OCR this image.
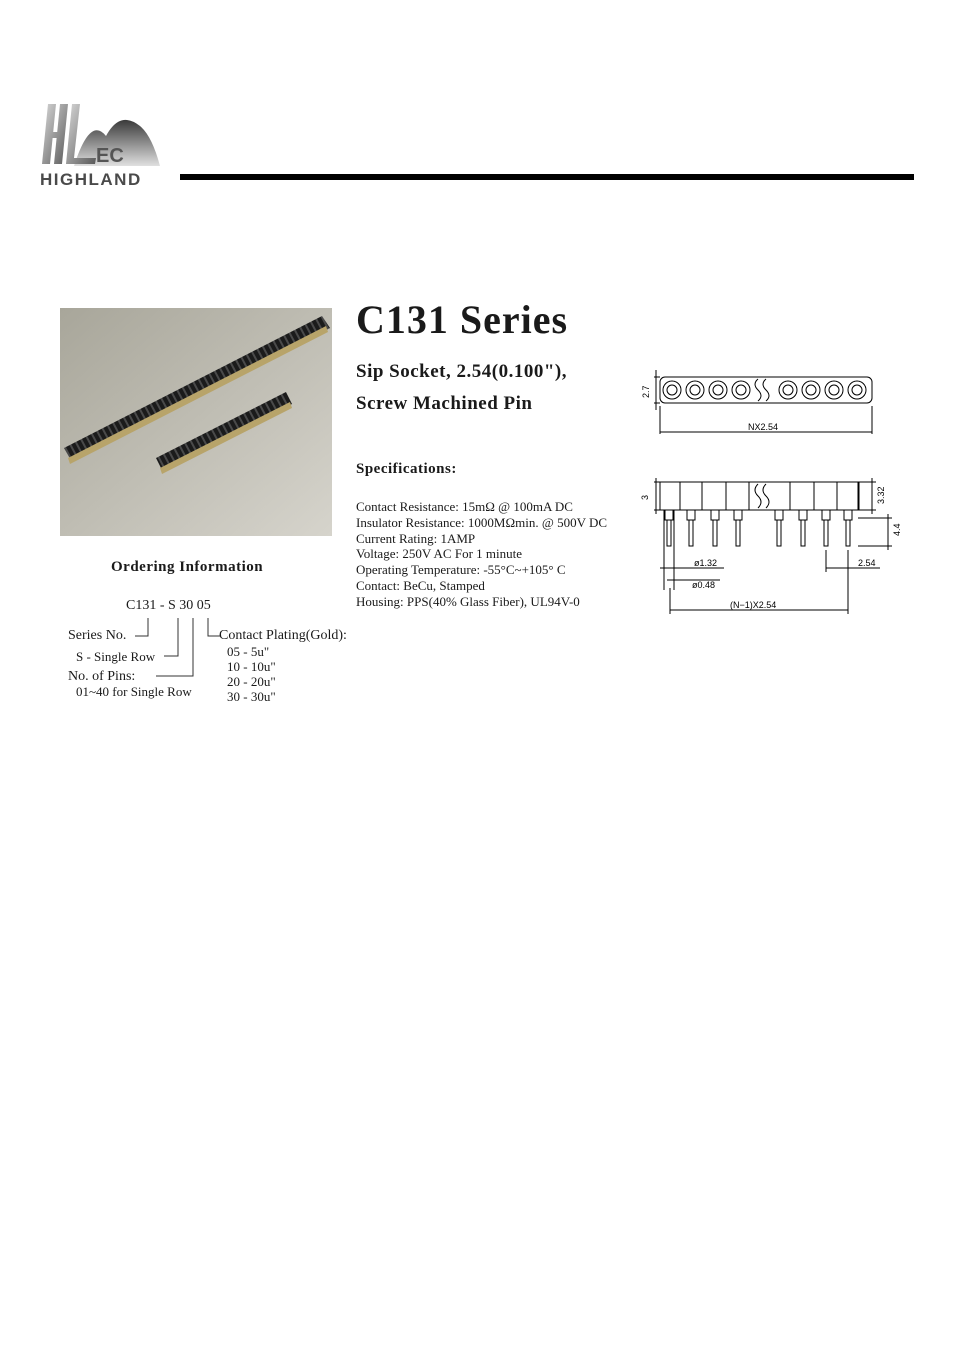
EC
HIGHLAND
C131 Series
Sip Socket, 2.54(0.100"),
Screw Machined Pin
Specifications:
Contact Resistance: 15mΩ @ 100mA DC
Insulator Resistance: 1000MΩmin. @ 500V DC
Current Rating: 1AMP
Voltage: 250V AC For 1 minute
Operating Temperature: -55°C~+105° C
Contact: BeCu, Stamped
Housing: PPS(40% Glass Fiber), UL94V-0
Ordering Information
C131 - S 30 05
Series No.
S - Single Row
No. of Pins:
01~40 for Single Row
Contact Plating(Gold):
05 - 5u"
10 - 10u"
20 - 20u"
30 - 30u"
2.7
NX2.54
3	3.32
4.4
2.54
ø1.32
ø0.48
(N−1)X2.54
